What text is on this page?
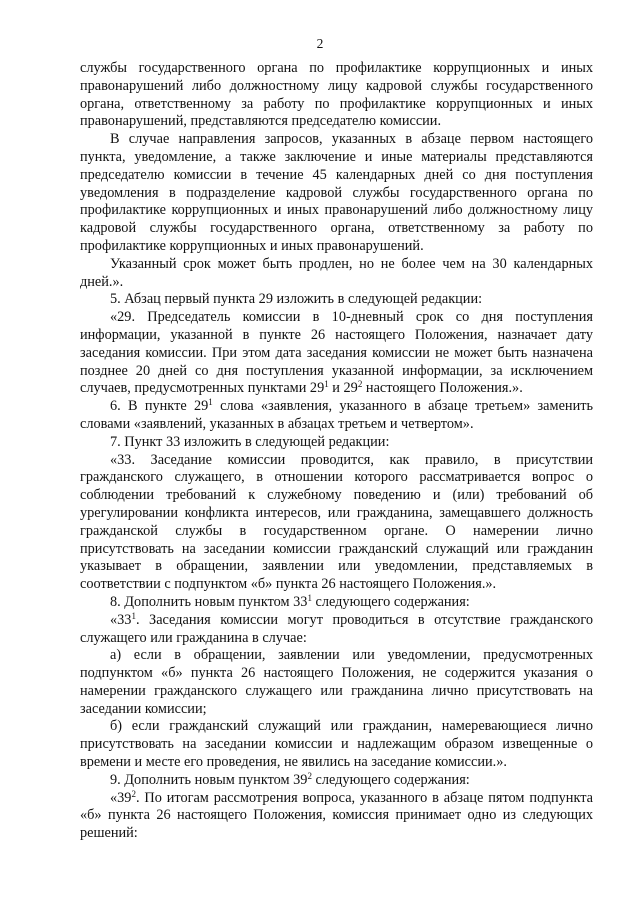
2

службы государственного органа по профилактике коррупционных и иных правонарушений либо должностному лицу кадровой службы государственного органа, ответственному за работу по профилактике коррупционных и иных правонарушений, представляются председателю комиссии.

В случае направления запросов, указанных в абзаце первом настоящего пункта, уведомление, а также заключение и иные материалы представляются председателю комиссии в течение 45 календарных дней со дня поступления уведомления в подразделение кадровой службы государственного органа по профилактике коррупционных и иных правонарушений либо должностному лицу кадровой службы государственного органа, ответственному за работу по профилактике коррупционных и иных правонарушений.

Указанный срок может быть продлен, но не более чем на 30 календарных дней.».

5. Абзац первый пункта 29 изложить в следующей редакции:

«29. Председатель комиссии в 10-дневный срок со дня поступления информации, указанной в пункте 26 настоящего Положения, назначает дату заседания комиссии. При этом дата заседания комиссии не может быть назначена позднее 20 дней со дня поступления указанной информации, за исключением случаев, предусмотренных пунктами $29^1$ и $29^2$ настоящего Положения.».

6. В пункте $29^1$ слова «заявления, указанного в абзаце третьем» заменить словами «заявлений, указанных в абзацах третьем и четвертом».

7. Пункт 33 изложить в следующей редакции:

«33. Заседание комиссии проводится, как правило, в присутствии гражданского служащего, в отношении которого рассматривается вопрос о соблюдении требований к служебному поведению и (или) требований об урегулировании конфликта интересов, или гражданина, замещавшего должность гражданской службы в государственном органе. О намерении лично присутствовать на заседании комиссии гражданский служащий или гражданин указывает в обращении, заявлении или уведомлении, представляемых в соответствии с подпунктом «б» пункта 26 настоящего Положения.».

8. Дополнить новым пунктом $33^1$ следующего содержания:

«$33^1$. Заседания комиссии могут проводиться в отсутствие гражданского служащего или гражданина в случае:

а) если в обращении, заявлении или уведомлении, предусмотренных подпунктом «б» пункта 26 настоящего Положения, не содержится указания о намерении гражданского служащего или гражданина лично присутствовать на заседании комиссии;

б) если гражданский служащий или гражданин, намеревающиеся лично присутствовать на заседании комиссии и надлежащим образом извещенные о времени и месте его проведения, не явились на заседание комиссии.».

9. Дополнить новым пунктом $39^2$ следующего содержания:

«$39^2$. По итогам рассмотрения вопроса, указанного в абзаце пятом подпункта «б» пункта 26 настоящего Положения, комиссия принимает одно из следующих решений:
